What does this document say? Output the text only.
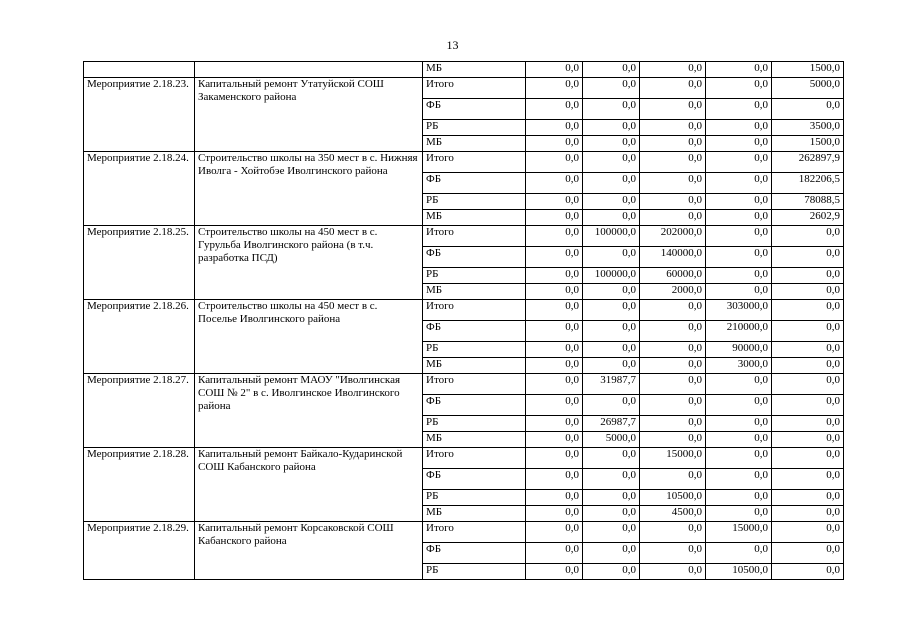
13
		МБ	0,0	0,0	0,0	0,0	1500,0
Мероприятие 2.18.23.	Капитальный ремонт Утатуйской СОШ Закаменского района	Итого	0,0	0,0	0,0	0,0	5000,0
		ФБ	0,0	0,0	0,0	0,0	0,0
		РБ	0,0	0,0	0,0	0,0	3500,0
		МБ	0,0	0,0	0,0	0,0	1500,0
Мероприятие 2.18.24.	Строительство школы на 350 мест в с. Нижняя Иволга - Хойтобэе Иволгинского района	Итого	0,0	0,0	0,0	0,0	262897,9
		ФБ	0,0	0,0	0,0	0,0	182206,5
		РБ	0,0	0,0	0,0	0,0	78088,5
		МБ	0,0	0,0	0,0	0,0	2602,9
Мероприятие 2.18.25.	Строительство школы на 450 мест в с. Гурульба Иволгинского района (в т.ч. разработка ПСД)	Итого	0,0	100000,0	202000,0	0,0	0,0
		ФБ	0,0	0,0	140000,0	0,0	0,0
		РБ	0,0	100000,0	60000,0	0,0	0,0
		МБ	0,0	0,0	2000,0	0,0	0,0
Мероприятие 2.18.26.	Строительство школы на 450 мест в с. Поселье Иволгинского района	Итого	0,0	0,0	0,0	303000,0	0,0
		ФБ	0,0	0,0	0,0	210000,0	0,0
		РБ	0,0	0,0	0,0	90000,0	0,0
		МБ	0,0	0,0	0,0	3000,0	0,0
Мероприятие 2.18.27.	Капитальный ремонт МАОУ "Иволгинская СОШ № 2" в с. Иволгинское Иволгинского района	Итого	0,0	31987,7	0,0	0,0	0,0
		ФБ	0,0	0,0	0,0	0,0	0,0
		РБ	0,0	26987,7	0,0	0,0	0,0
		МБ	0,0	5000,0	0,0	0,0	0,0
Мероприятие 2.18.28.	Капитальный ремонт Байкало-Кударинской СОШ Кабанского района	Итого	0,0	0,0	15000,0	0,0	0,0
		ФБ	0,0	0,0	0,0	0,0	0,0
		РБ	0,0	0,0	10500,0	0,0	0,0
		МБ	0,0	0,0	4500,0	0,0	0,0
Мероприятие 2.18.29.	Капитальный ремонт Корсаковской СОШ Кабанского района	Итого	0,0	0,0	0,0	15000,0	0,0
		ФБ	0,0	0,0	0,0	0,0	0,0
		РБ	0,0	0,0	0,0	10500,0	0,0
